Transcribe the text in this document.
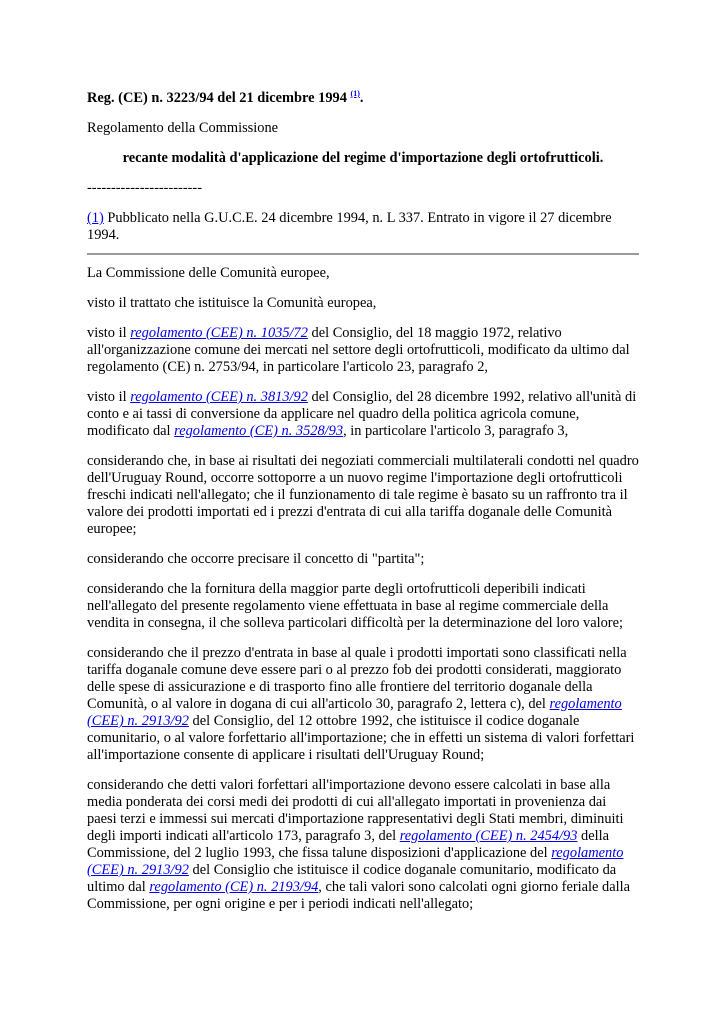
Reg. (CE) n. 3223/94 del 21 dicembre 1994 $^{(1)}$.

Regolamento della Commissione

recante modalità d'applicazione del regime d'importazione degli ortofrutticoli.

------------------------

(1) Pubblicato nella G.U.C.E. 24 dicembre 1994, n. L 337. Entrato in vigore il 27 dicembre 1994.

La Commissione delle Comunità europee,

visto il trattato che istituisce la Comunità europea,

visto il regolamento (CEE) n. 1035/72 del Consiglio, del 18 maggio 1972, relativo all'organizzazione comune dei mercati nel settore degli ortofrutticoli, modificato da ultimo dal regolamento (CE) n. 2753/94, in particolare l'articolo 23, paragrafo 2,

visto il regolamento (CEE) n. 3813/92 del Consiglio, del 28 dicembre 1992, relativo all'unità di conto e ai tassi di conversione da applicare nel quadro della politica agricola comune, modificato dal regolamento (CE) n. 3528/93, in particolare l'articolo 3, paragrafo 3,

considerando che, in base ai risultati dei negoziati commerciali multilaterali condotti nel quadro dell'Uruguay Round, occorre sottoporre a un nuovo regime l'importazione degli ortofrutticoli freschi indicati nell'allegato; che il funzionamento di tale regime è basato su un raffronto tra il valore dei prodotti importati ed i prezzi d'entrata di cui alla tariffa doganale delle Comunità europee;

considerando che occorre precisare il concetto di "partita";

considerando che la fornitura della maggior parte degli ortofrutticoli deperibili indicati nell'allegato del presente regolamento viene effettuata in base al regime commerciale della vendita in consegna, il che solleva particolari difficoltà per la determinazione del loro valore;

considerando che il prezzo d'entrata in base al quale i prodotti importati sono classificati nella tariffa doganale comune deve essere pari o al prezzo fob dei prodotti considerati, maggiorato delle spese di assicurazione e di trasporto fino alle frontiere del territorio doganale della Comunità, o al valore in dogana di cui all'articolo 30, paragrafo 2, lettera c), del regolamento (CEE) n. 2913/92 del Consiglio, del 12 ottobre 1992, che istituisce il codice doganale comunitario, o al valore forfettario all'importazione; che in effetti un sistema di valori forfettari all'importazione consente di applicare i risultati dell'Uruguay Round;

considerando che detti valori forfettari all'importazione devono essere calcolati in base alla media ponderata dei corsi medi dei prodotti di cui all'allegato importati in provenienza dai paesi terzi e immessi sui mercati d'importazione rappresentativi degli Stati membri, diminuiti degli importi indicati all'articolo 173, paragrafo 3, del regolamento (CEE) n. 2454/93 della Commissione, del 2 luglio 1993, che fissa talune disposizioni d'applicazione del regolamento (CEE) n. 2913/92 del Consiglio che istituisce il codice doganale comunitario, modificato da ultimo dal regolamento (CE) n. 2193/94, che tali valori sono calcolati ogni giorno feriale dalla Commissione, per ogni origine e per i periodi indicati nell'allegato;
